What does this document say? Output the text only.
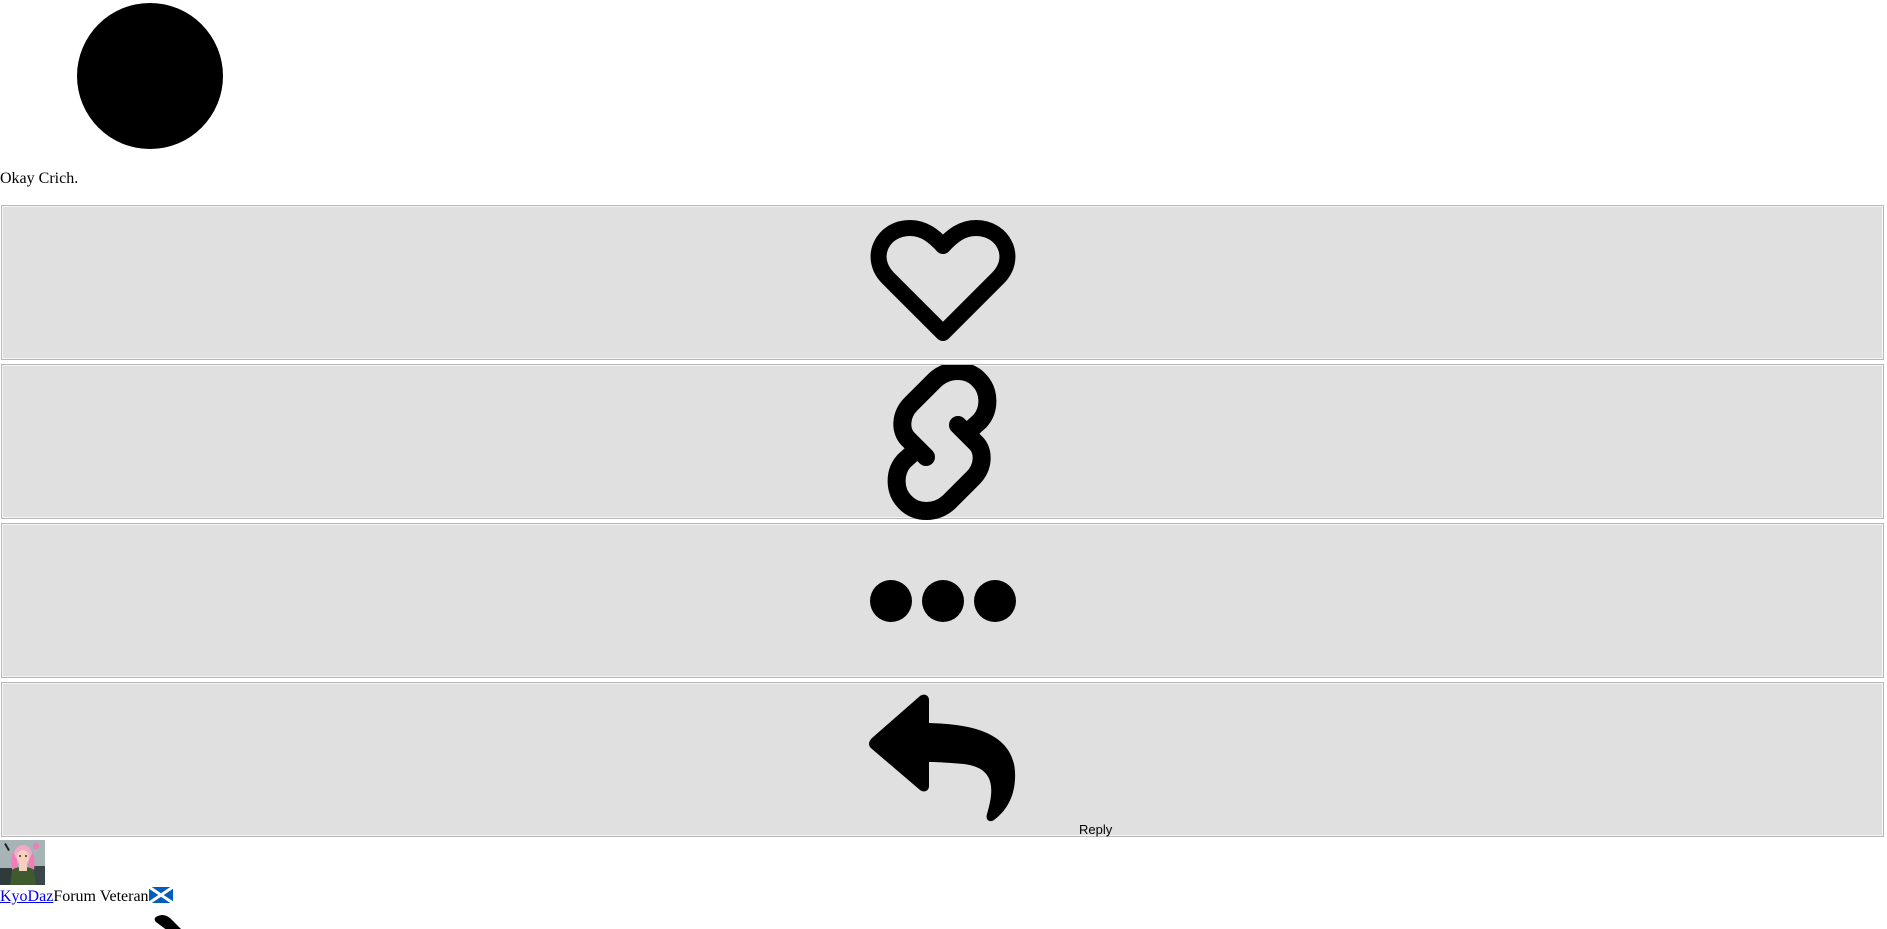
Okay Crich.
Reply
KyoDazForum Veteran
